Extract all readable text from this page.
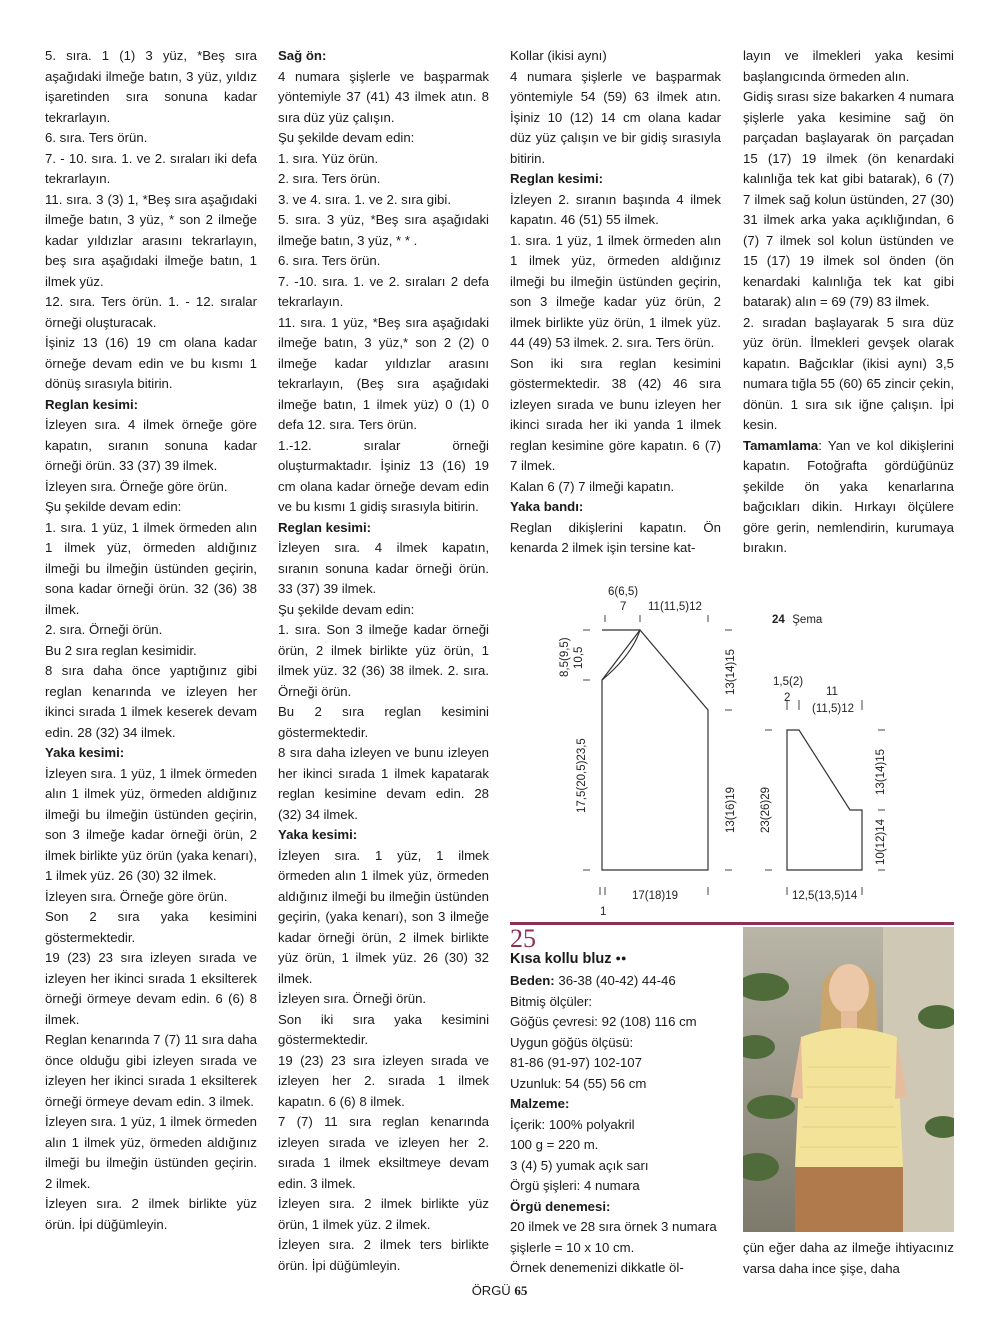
5. sıra. 1 (1) 3 yüz, *Beş sıra aşağıdaki ilmeğe batın, 3 yüz, yıldız işaretinden sıra sonuna kadar tekrarlayın.

6. sıra. Ters örün.

7. - 10. sıra. 1. ve 2. sıraları iki defa tekrarlayın.

11. sıra. 3 (3) 1, *Beş sıra aşağıdaki ilmeğe batın, 3 yüz, * son 2 ilmeğe kadar yıldızlar arasını tekrarlayın, beş sıra aşağıdaki ilmeğe batın, 1 ilmek yüz.

12. sıra. Ters örün. 1. - 12. sıralar örneği oluşturacak.

İşiniz 13 (16) 19 cm olana kadar örneğe devam edin ve bu kısmı 1 dönüş sırasıyla bitirin.

Reglan kesimi:

İzleyen sıra. 4 ilmek örneğe göre kapatın, sıranın sonuna kadar örneği örün. 33 (37) 39 ilmek.

İzleyen sıra. Örneğe göre örün.

Şu şekilde devam edin:

1. sıra. 1 yüz, 1 ilmek örmeden alın 1 ilmek yüz, örmeden aldığınız ilmeği bu ilmeğin üstünden geçirin, sona kadar örneği örün. 32 (36) 38 ilmek.

2. sıra. Örneği örün.

Bu 2 sıra reglan kesimidir.

8 sıra daha önce yaptığınız gibi reglan kenarında ve izleyen her ikinci sırada 1 ilmek keserek devam edin. 28 (32) 34 ilmek.

Yaka kesimi:

İzleyen sıra. 1 yüz, 1 ilmek örmeden alın 1 ilmek yüz, örmeden aldığınız ilmeği bu ilmeğin üstünden geçirin, son 3 ilmeğe kadar örneği örün, 2 ilmek birlikte yüz örün (yaka kenarı), 1 ilmek yüz. 26 (30) 32 ilmek.

İzleyen sıra. Örneğe göre örün.

Son 2 sıra yaka kesimini göstermektedir.

19 (23) 23 sıra izleyen sırada ve izleyen her ikinci sırada 1 eksilterek örneği örmeye devam edin. 6 (6) 8 ilmek.

Reglan kenarında 7 (7) 11 sıra daha önce olduğu gibi izleyen sırada ve izleyen her ikinci sırada 1 eksilterek örneği örmeye devam edin. 3 ilmek.

İzleyen sıra. 1 yüz, 1 ilmek örmeden alın 1 ilmek yüz, örmeden aldığınız ilmeği bu ilmeğin üstünden geçirin. 2 ilmek.

İzleyen sıra. 2 ilmek birlikte yüz örün. İpi düğümleyin.

Sağ ön:

4 numara şişlerle ve başparmak yöntemiyle 37 (41) 43 ilmek atın. 8 sıra düz yüz çalışın.

Şu şekilde devam edin:

1. sıra. Yüz örün.

2. sıra. Ters örün.

3. ve 4. sıra. 1. ve 2. sıra gibi.

5. sıra. 3 yüz, *Beş sıra aşağıdaki ilmeğe batın, 3 yüz, * * .

6. sıra. Ters örün.

7. -10. sıra. 1. ve 2. sıraları 2 defa tekrarlayın.

11. sıra. 1 yüz, *Beş sıra aşağıdaki ilmeğe batın, 3 yüz,* son 2 (2) 0 ilmeğe kadar yıldızlar arasını tekrarlayın, (Beş sıra aşağıdaki ilmeğe batın, 1 ilmek yüz) 0 (1) 0 defa 12. sıra. Ters örün.

1.-12. sıralar örneği oluşturmaktadır. İşiniz 13 (16) 19 cm olana kadar örneğe devam edin ve bu kısmı 1 gidiş sırasıyla bitirin.

Reglan kesimi:

İzleyen sıra. 4 ilmek kapatın, sıranın sonuna kadar örneği örün. 33 (37) 39 ilmek.

Şu şekilde devam edin:

1. sıra. Son 3 ilmeğe kadar örneği örün, 2 ilmek birlikte yüz örün, 1 ilmek yüz. 32 (36) 38 ilmek. 2. sıra. Örneği örün.

Bu 2 sıra reglan kesimini göstermektedir.

8 sıra daha izleyen ve bunu izleyen her ikinci sırada 1 ilmek kapatarak reglan kesimine devam edin. 28 (32) 34 ilmek.

Yaka kesimi:

İzleyen sıra. 1 yüz, 1 ilmek örmeden alın 1 ilmek yüz, örmeden aldığınız ilmeği bu ilmeğin üstünden geçirin, (yaka kenarı), son 3 ilmeğe kadar örneği örün, 2 ilmek birlikte yüz örün, 1 ilmek yüz. 26 (30) 32 ilmek.

İzleyen sıra. Örneği örün.

Son iki sıra yaka kesimini göstermektedir.

19 (23) 23 sıra izleyen sırada ve izleyen her 2. sırada 1 ilmek kapatın. 6 (6) 8 ilmek.

7 (7) 11 sıra reglan kenarında izleyen sırada ve izleyen her 2. sırada 1 ilmek eksiltmeye devam edin. 3 ilmek.

İzleyen sıra. 2 ilmek birlikte yüz örün, 1 ilmek yüz. 2 ilmek.

İzleyen sıra. 2 ilmek ters birlikte örün. İpi düğümleyin.

Kollar (ikisi aynı)

4 numara şişlerle ve başparmak yöntemiyle 54 (59) 63 ilmek atın. İşiniz 10 (12) 14 cm olana kadar düz yüz çalışın ve bir gidiş sırasıyla bitirin.

Reglan kesimi:

İzleyen 2. sıranın başında 4 ilmek kapatın. 46 (51) 55 ilmek.

1. sıra. 1 yüz, 1 ilmek örmeden alın 1 ilmek yüz, örmeden aldığınız ilmeği bu ilmeğin üstünden geçirin, son 3 ilmeğe kadar yüz örün, 2 ilmek birlikte yüz örün, 1 ilmek yüz. 44 (49) 53 ilmek. 2. sıra. Ters örün.

Son iki sıra reglan kesimini göstermektedir. 38 (42) 46 sıra izleyen sırada ve bunu izleyen her ikinci sırada her iki yanda 1 ilmek reglan kesimine göre kapatın. 6 (7) 7 ilmek.

Kalan 6 (7) 7 ilmeği kapatın.

Yaka bandı:

Reglan dikişlerini kapatın. Ön kenarda 2 ilmek işin tersine kat-

layın ve ilmekleri yaka kesimi başlangıcında örmeden alın.

Gidiş sırası size bakarken 4 numara şişlerle yaka kesimine sağ ön parçadan başlayarak ön parçadan 15 (17) 19 ilmek (ön kenardaki kalınlığa tek kat gibi batarak), 6 (7) 7 ilmek sağ kolun üstünden, 27 (30) 31 ilmek arka yaka açıklığından, 6 (7) 7 ilmek sol kolun üstünden ve 15 (17) 19 ilmek sol önden (ön kenardaki kalınlığa tek kat gibi batarak) alın = 69 (79) 83 ilmek.

2. sıradan başlayarak 5 sıra düz yüz örün. İlmekleri gevşek olarak kapatın. Bağcıklar (ikisi aynı) 3,5 numara tığla 55 (60) 65 zincir çekin, dönün. 1 sıra sık iğne çalışın. İpi kesin.

Tamamlama: Yan ve kol dikişlerini kapatın. Fotoğrafta gördüğünüz şekilde ön yaka kenarlarına bağcıkları dikin. Hırkayı ölçülere göre gerin, nemlendirin, kurumaya bırakın.

6(6,5)
7 11(11,5)12
8,5(9,5) 10,5
17,5(20,5)23,5
13(14)15
13(16)19
17(18)19
1
24 Şema
1,5(2)
2	11
(11,5)12
23(26)29
13(14)15
10(12)14
12,5(13,5)14
25
Kısa kollu bluz ●●

Beden: 36-38 (40-42) 44-46

Bitmiş ölçüler:

Göğüs çevresi: 92 (108) 116 cm

Uygun göğüs ölçüsü:

81-86 (91-97) 102-107

Uzunluk: 54 (55) 56 cm

Malzeme:

İçerik: 100% polyakril

100 g = 220 m.

3 (4) 5) yumak açık sarı

Örgü şişleri: 4 numara

Örgü denemesi:

20 ilmek ve 28 sıra örnek 3 numara şişlerle = 10 x 10 cm.

Örnek denemenizi dikkatle öl-

çün eğer daha az ilmeğe ihtiyacınız varsa daha ince şişe, daha

ÖRGÜ 65
